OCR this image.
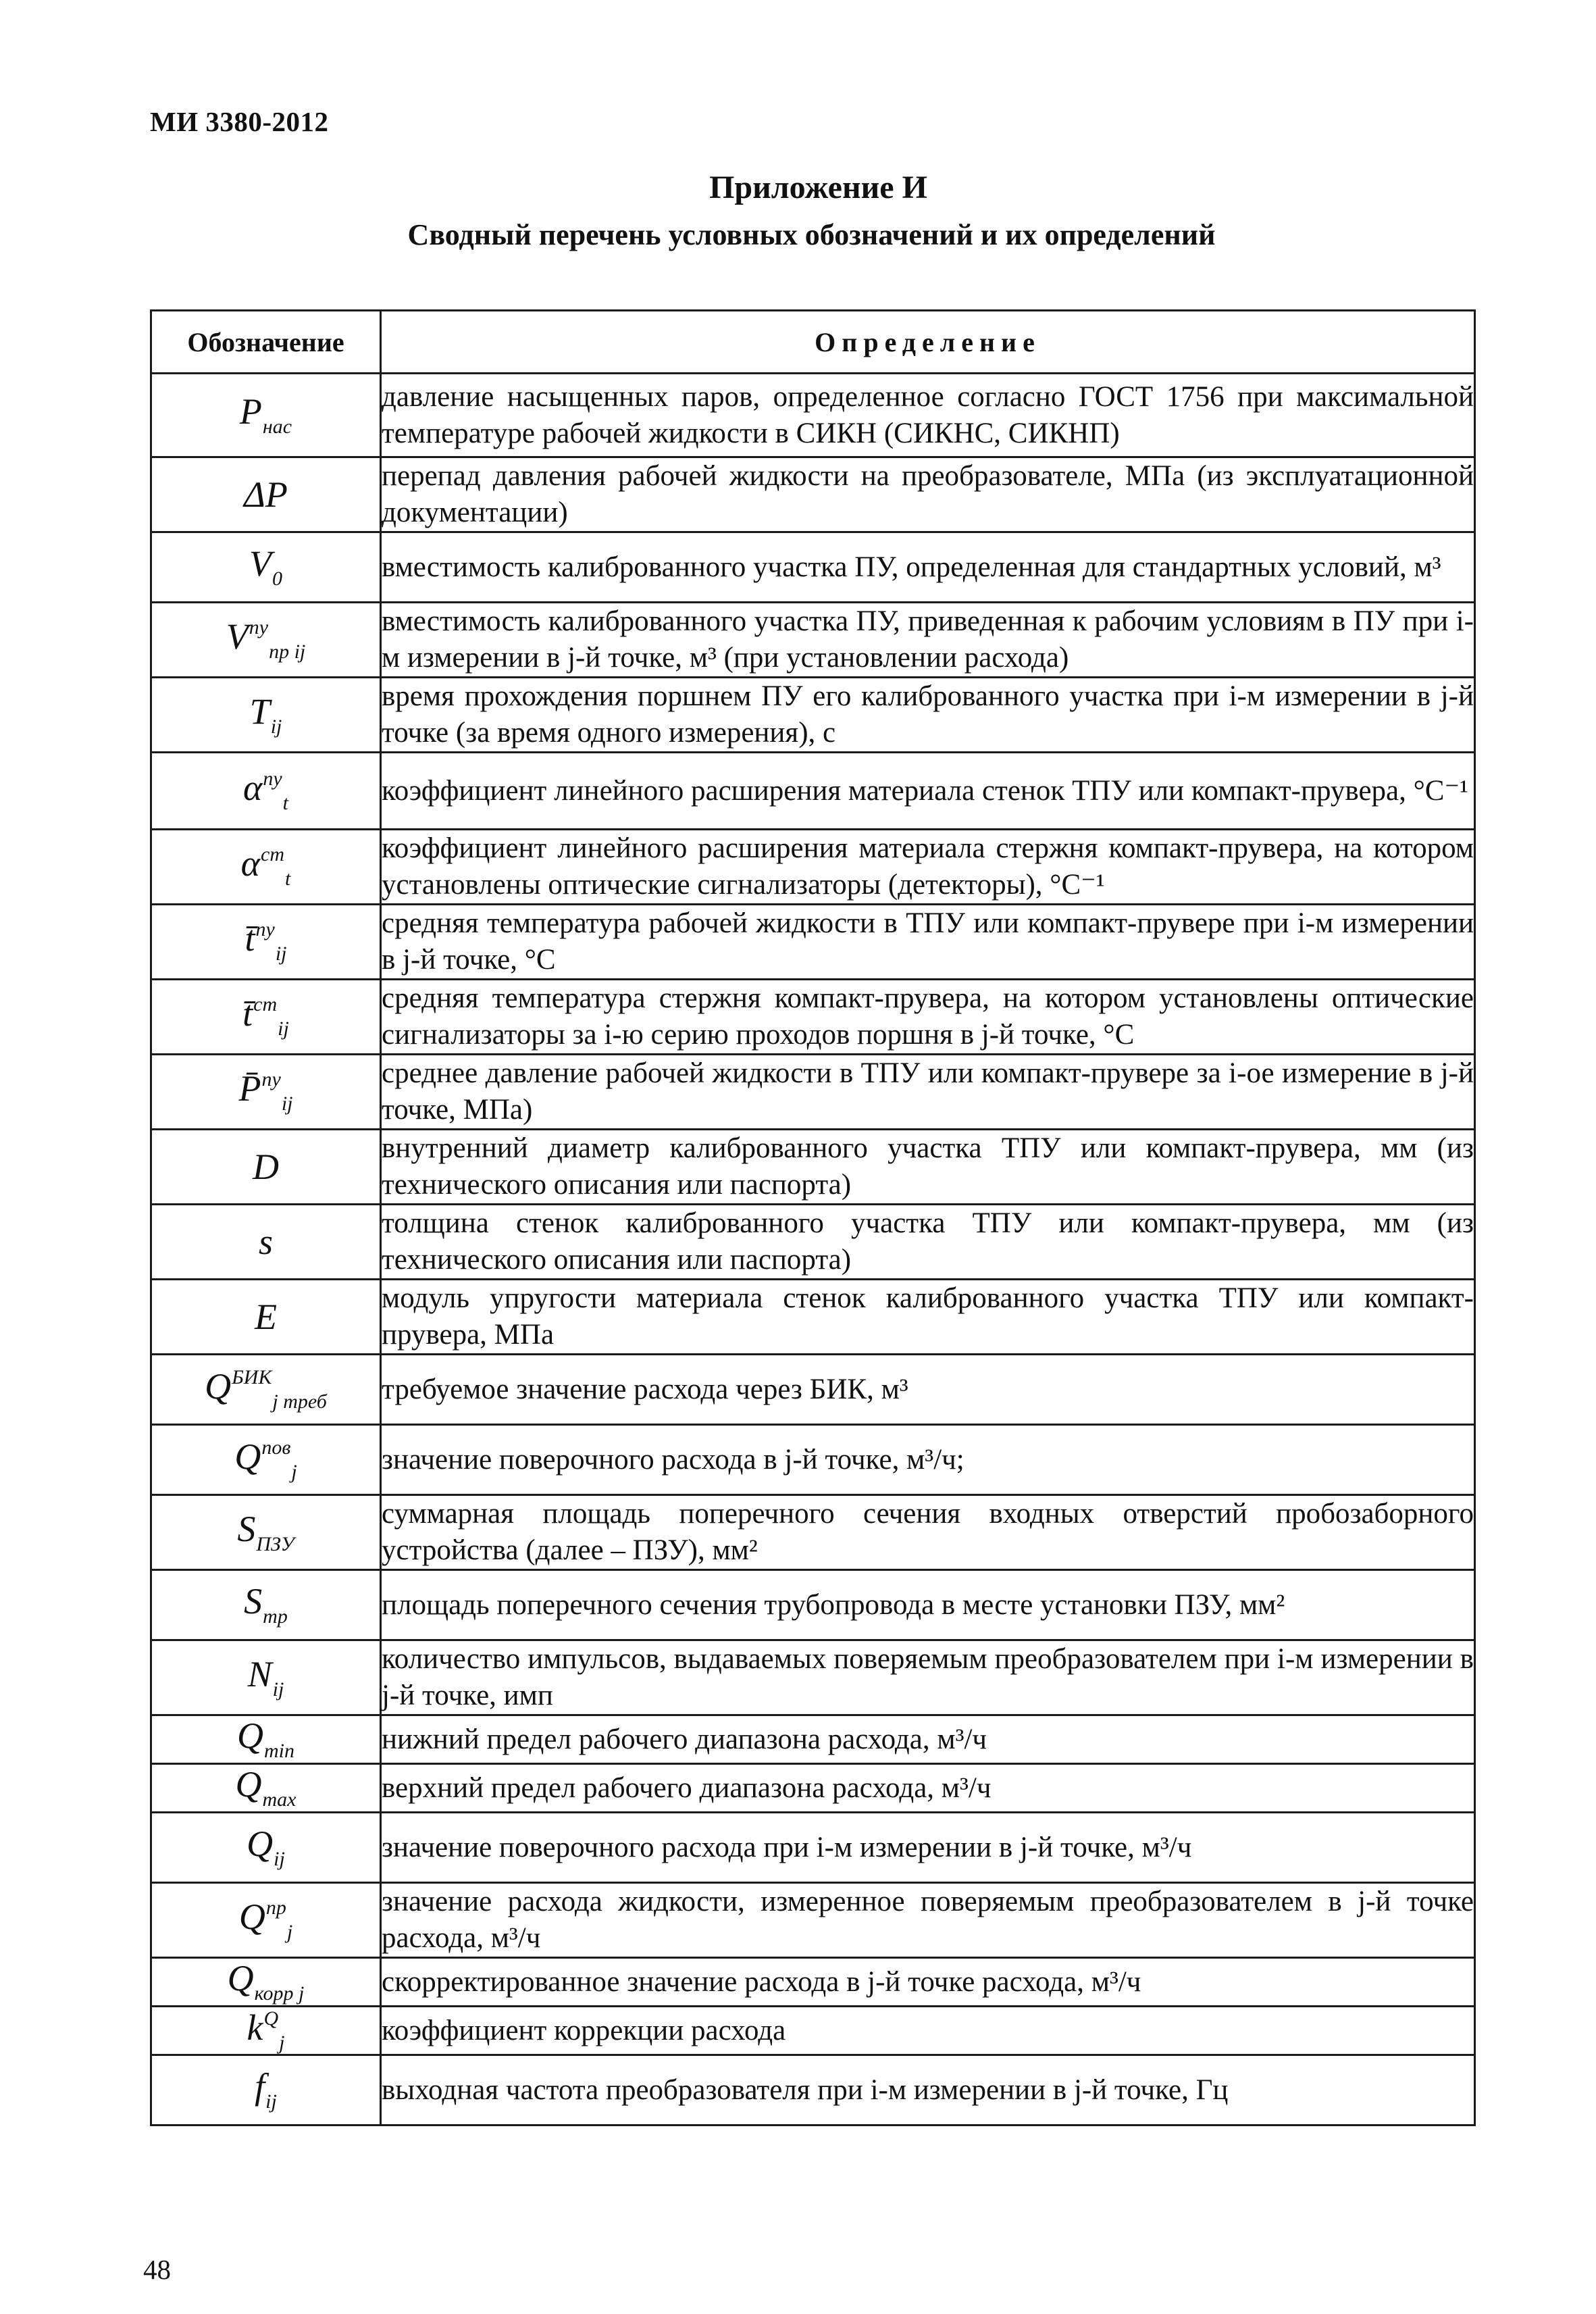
МИ 3380-2012
Приложение И
Сводный перечень условных обозначений и их определений
Обозначение	Определение
$P_{нас}$	давление насыщенных паров, определенное согласно ГОСТ 1756 при максимальной температуре рабочей жидкости в СИКН (СИКНС, СИКНП)

ΔP	перепад давления рабочей жидкости на преобразователе, МПа (из эксплуатационной документации)

$V_0$	вместимость калиброванного участка ПУ, определенная для стандартных условий, м³

$V^{пу}_{пр ij}$	вместимость калиброванного участка ПУ, приведенная к рабочим условиям в ПУ при i-м измерении в j-й точке, м³ (при установлении расхода)

$T_{ij}$	время прохождения поршнем ПУ его калиброванного участка при i-м измерении в j-й точке (за время одного измерения), с

$\alpha^{пу}_t$	коэффициент линейного расширения материала стенок ТПУ или компакт-прувера, °C⁻¹

$\alpha^{ст}_t$	коэффициент линейного расширения материала стержня компакт-прувера, на котором установлены оптические сигнализаторы (детекторы), °C⁻¹

t̄$^{пу}_{ij}$	средняя температура рабочей жидкости в ТПУ или компакт-прувере при i-м измерении в j-й точке, °C

t̄$^{ст}_{ij}$	средняя температура стержня компакт-прувера, на котором установлены оптические сигнализаторы за i-ю серию проходов поршня в j-й точке, °C

P̄$^{пу}_{ij}$	среднее давление рабочей жидкости в ТПУ или компакт-прувере за i-ое измерение в j-й точке, МПа)

D	внутренний диаметр калиброванного участка ТПУ или компакт-прувера, мм (из технического описания или паспорта)

s	толщина стенок калиброванного участка ТПУ или компакт-прувера, мм (из технического описания или паспорта)

E	модуль упругости материала стенок калиброванного участка ТПУ или компакт-прувера, МПа

$Q^{БИК}_{j треб}$	требуемое значение расхода через БИК, м³

$Q^{пов}_j$	значение поверочного расхода в j-й точке, м³/ч;

$S_{ПЗУ}$	суммарная площадь поперечного сечения входных отверстий пробозаборного устройства (далее – ПЗУ), мм²

$S_{тр}$	площадь поперечного сечения трубопровода в месте установки ПЗУ, мм²

$N_{ij}$	количество импульсов, выдаваемых поверяемым преобразователем при i-м измерении в j-й точке, имп

$Q_{min}$	нижний предел рабочего диапазона расхода, м³/ч

$Q_{max}$	верхний предел рабочего диапазона расхода, м³/ч

$Q_{ij}$	значение поверочного расхода при i-м измерении в j-й точке, м³/ч

$Q^{пр}_j$	значение расхода жидкости, измеренное поверяемым преобразователем в j-й точке расхода, м³/ч

$Q_{корр j}$	скорректированное значение расхода в j-й точке расхода, м³/ч

$k^Q_j$	коэффициент коррекции расхода

$f_{ij}$	выходная частота преобразователя при i-м измерении в j-й точке, Гц
48
